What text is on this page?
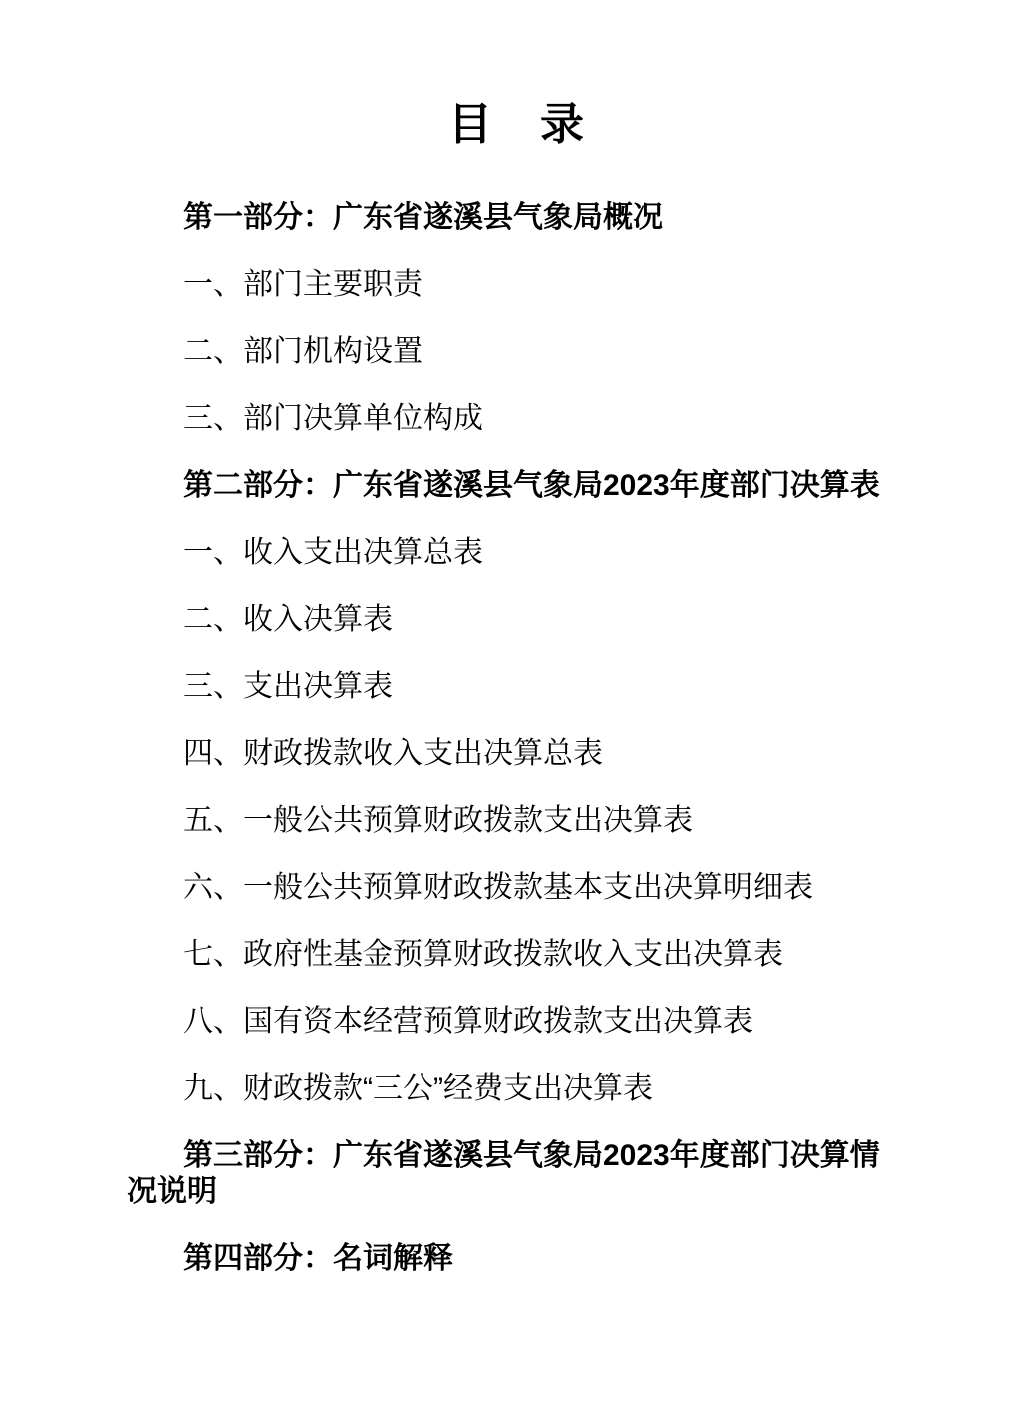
目　录

第一部分：广东省遂溪县气象局概况

一、部门主要职责

二、部门机构设置

三、部门决算单位构成

第二部分：广东省遂溪县气象局2023年度部门决算表

一、收入支出决算总表

二、收入决算表

三、支出决算表

四、财政拨款收入支出决算总表

五、一般公共预算财政拨款支出决算表

六、一般公共预算财政拨款基本支出决算明细表

七、政府性基金预算财政拨款收入支出决算表

八、国有资本经营预算财政拨款支出决算表

九、财政拨款“三公”经费支出决算表

第三部分：广东省遂溪县气象局2023年度部门决算情况说明

第四部分：名词解释
